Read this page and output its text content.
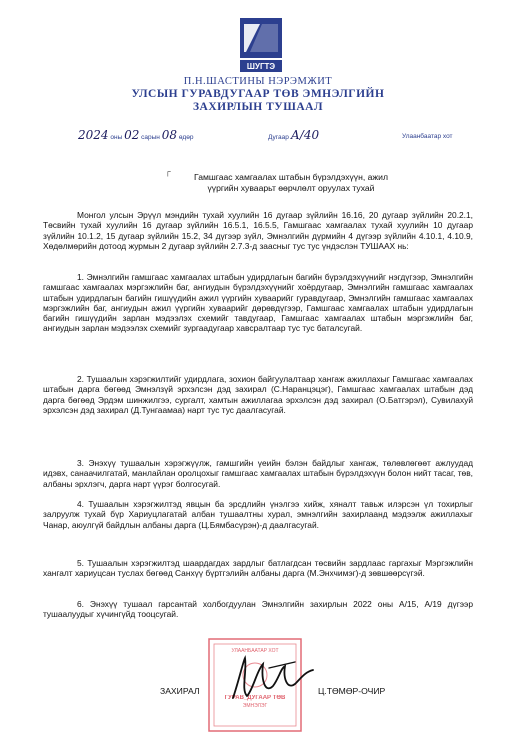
ШУГТЭ
П.Н.ШАСТИНЫ НЭРЭМЖИТ
УЛСЫН ГУРАВДУГААР ТӨВ ЭМНЭЛГИЙН
ЗАХИРЛЫН ТУШААЛ
2024 оны 02 сарын 08 өдөр	Дугаар А/40	Улаанбаатар хот
┌
Гамшгаас хамгаалах штабын бүрэлдэхүүн, ажил
үүргийн хуваарьт өөрчлөлт оруулах тухай
Монгол улсын Эрүүл мэндийн тухай хуулийн 16 дугаар зүйлийн 16.16, 20 дугаар зүйлийн 20.2.1, Төсвийн тухай хуулийн 16 дугаар зүйлийн 16.5.1, 16.5.5, Гамшгаас хамгаалах тухай хуулийн 10 дугаар зүйлийн 10.1.2, 15 дугаар зүйлийн 15.2, 34 дүгээр зүйл, Эмнэлгийн дүрмийн 4 дүгээр зүйлийн 4.10.1, 4.10.9, Хөдөлмөрийн дотоод журмын 2 дугаар зүйлийн 2.7.3-д заасныг тус тус үндэслэн ТУШААХ нь:
1. Эмнэлгийн гамшгаас хамгаалах штабын удирдлагын багийн бүрэлдэхүүнийг нэгдүгээр, Эмнэлгийн гамшгаас хамгаалах мэргэжлийн баг, ангиудын бүрэлдэхүүнийг хоёрдугаар, Эмнэлгийн гамшгаас хамгаалах штабын удирдлагын багийн гишүүдийн ажил үүргийн хуваарийг гуравдугаар, Эмнэлгийн гамшгаас хамгаалах мэргэжлийн баг, ангиудын ажил үүргийн хуваарийг дөрөвдүгээр, Гамшгаас хамгаалах штабын удирдлагын багийн гишүүдийн зарлан мэдээлэх схемийг тавдугаар, Гамшгаас хамгаалах штабын мэргэжлийн баг, ангиудын зарлан мэдээлэх схемийг зургаадугаар хавсралтаар тус тус баталсугай.
2. Тушаалын хэрэгжилтийг удирдлага, зохион байгуулалтаар хангаж ажиллахыг Гамшгаас хамгаалах штабын дарга бөгөөд Эмнэлзүй эрхэлсэн дэд захирал (С.Наранцэцэг), Гамшгаас хамгаалах штабын дэд дарга бөгөөд Эрдэм шинжилгээ, сургалт, хамтын ажиллагаа эрхэлсэн дэд захирал (О.Батгэрэл), Сувилахуй эрхэлсэн дэд захирал (Д.Тунгаамаа) нарт тус тус даалгасугай.
3. Энэхүү тушаалын хэрэгжүүлж, гамшгийн үеийн бэлэн байдлыг хангаж, төлөвлөгөөт ажлуудад идэвх, санаачилгатай, манлайлан оролцохыг гамшгаас хамгаалах штабын бүрэлдэхүүн болон нийт тасаг, төв, албаны эрхлэгч, дарга нарт үүрэг болгосугай.
4. Тушаалын хэрэгжилтэд явцын ба эрсдлийн үнэлгээ хийж, хяналт тавьж илэрсэн үл тохирлыг залруулж тухай бүр Хариуцлагатай албан тушаалтны хурал, эмнэлгийн захирлаанд мэдээлж ажиллахыг Чанар, аюулгүй байдлын албаны дарга (Ц.Бямбасүрэн)-д даалгасугай.
5. Тушаалын хэрэгжилтэд шаардагдах зардлыг батлагдсан төсвийн зардлаас гаргахыг Мэргэжлийн хангалт хариуцсан туслах бөгөөд Санхүү бүртгэлийн албаны дарга (М.Энхчимэг)-д зөвшөөрсүгэй.
6. Энэхүү тушаал гарсантай холбогдуулан Эмнэлгийн захирлын 2022 оны А/15, А/19 дүгээр тушаалуудыг хүчингүйд тооцсугай.
УЛААНБААТАР ХОТ
ГУРАВ_ДУГААР ТӨВ
ЭМНЭЛЭГ
ЗАХИРАЛ	Ц.ТӨМӨР-ОЧИР
